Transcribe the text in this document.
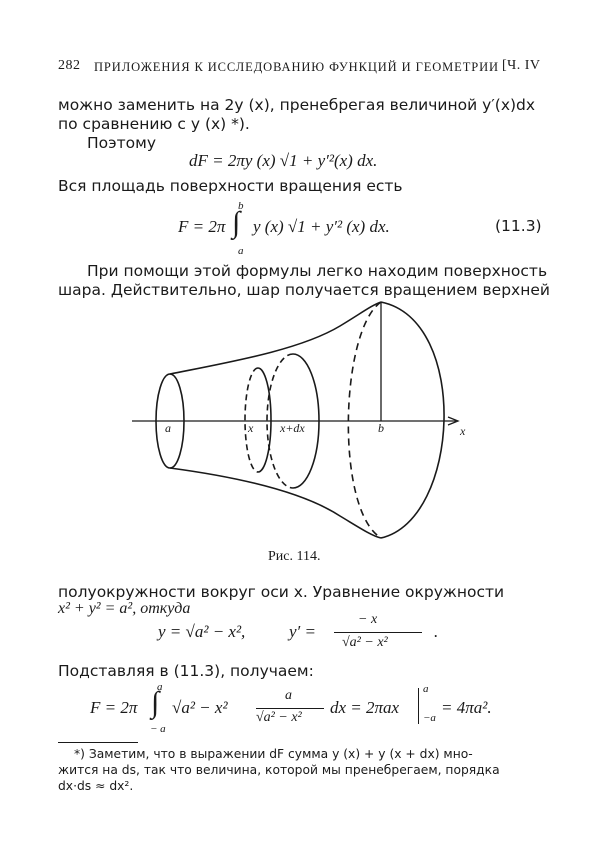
282 ПРИЛОЖЕНИЯ К ИССЛЕДОВАНИЮ ФУНКЦИЙ И ГЕОМЕТРИИ [Ч. IV
можно заменить на 2y (x), пренебрегая величиной y′(x)dx
по сравнению с y (x) *).
Поэтому
dF = 2πy (x) √1 + y′²(x) dx.
Вся площадь поверхности вращения есть
F = 2π
b
∫
a
y (x) √1 + y′² (x) dx.	(11.3)
При помощи этой формулы легко находим поверхность
шара. Действительно, шар получается вращением верхней
a	x x+dx	b	x
Рис. 114.
полуокружности вокруг оси x. Уравнение окружности
x² + y² = a², откуда
y = √a² − x²,	y′ =
− x
√a² − x²
.
Подставляя в (11.3), получаем:
F = 2π
a
∫
− a
√a² − x²
a
√a² − x²
dx = 2πax
a
−a
= 4πa².
*) Заметим, что в выражении dF сумма y (x) + y (x + dx) мно-
жится на ds, так что величина, которой мы пренебрегаем, порядка
dx·ds ≈ dx².
